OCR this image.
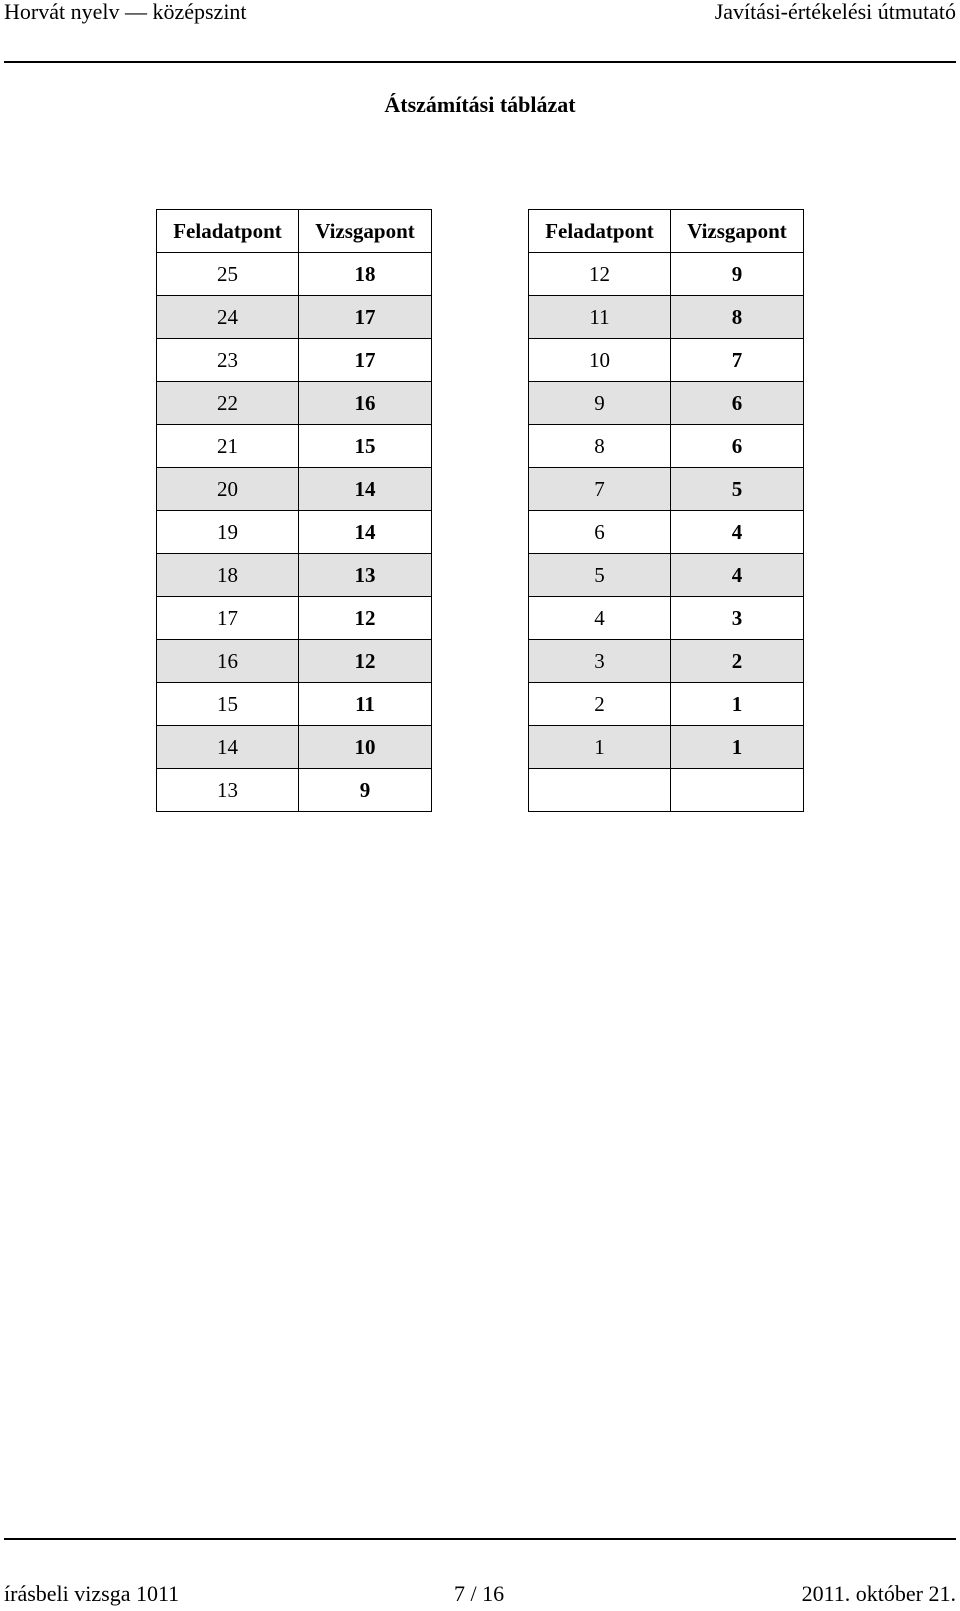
Horvát nyelv — középszint	Javítási-értékelési útmutató
Átszámítási táblázat
Feladatpont	Vizsgapont
25	18
24	17
23	17
22	16
21	15
20	14
19	14
18	13
17	12
16	12
15	11
14	10
13	9
Feladatpont	Vizsgapont
12	9
11	8
10	7
9	6
8	6
7	5
6	4
5	4
4	3
3	2
2	1
1	1

írásbeli vizsga 1011	7 / 16	2011. október 21.
